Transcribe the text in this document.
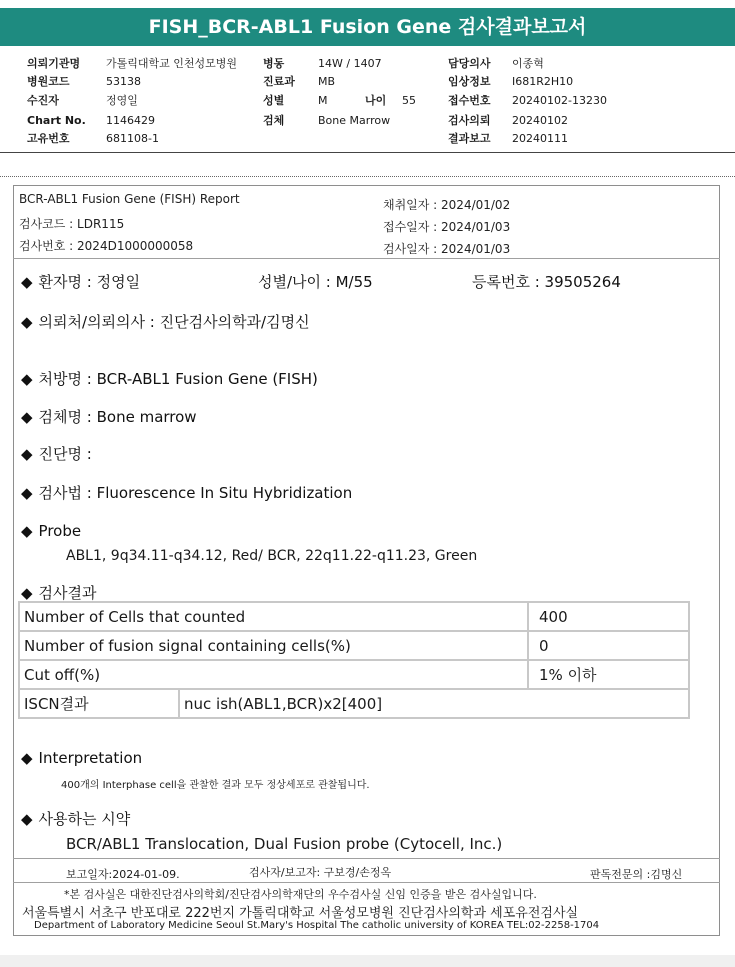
FISH_BCR-ABL1 Fusion Gene 검사결과보고서
의뢰기관명 가톨릭대학교 인천성모병원
병원코드	53138
수진자	정영일
Chart No. 1146429
고유번호	681108-1
병동	14W / 1407
진료과 MB
성별	M	나이 55
검체	Bone Marrow
담당의사 이종혁
임상정보 I681R2H10
접수번호 20240102-13230
검사의뢰 20240102
결과보고 20240111
BCR-ABL1 Fusion Gene (FISH) Report
검사코드 : LDR115
검사번호 : 2024D1000000058
채취일자 : 2024/01/02
접수일자 : 2024/01/03
검사일자 : 2024/01/03
◆ 환자명 : 정영일	성별/나이 : M/55	등록번호 : 39505264
◆ 의뢰처/의뢰의사 : 진단검사의학과/김명신
◆ 처방명 : BCR-ABL1 Fusion Gene (FISH)
◆ 검체명 : Bone marrow
◆ 진단명 :
◆ 검사법 : Fluorescence In Situ Hybridization
◆ Probe
ABL1, 9q34.11-q34.12, Red/ BCR, 22q11.22-q11.23, Green
◆ 검사결과
Number of Cells that counted		400
Number of fusion signal containing cells(%)		0
Cut off(%)		1% 이하
ISCN결과	nuc ish(ABL1,BCR)x2[400]	
◆ Interpretation
400개의 Interphase cell을 관찰한 결과 모두 정상세포로 관찰됩니다.
◆ 사용하는 시약
BCR/ABL1 Translocation, Dual Fusion probe (Cytocell, Inc.)
보고일자:2024-01-09.	검사자/보고자: 구보경/손정옥	판독전문의 :김명신
*본 검사실은 대한진단검사의학회/진단검사의학재단의 우수검사실 신임 인증을 받은 검사실입니다.
서울특별시 서초구 반포대로 222번지 가톨릭대학교 서울성모병원 진단검사의학과 세포유전검사실
Department of Laboratory Medicine Seoul St.Mary's Hospital The catholic university of KOREA TEL:02-2258-1704
